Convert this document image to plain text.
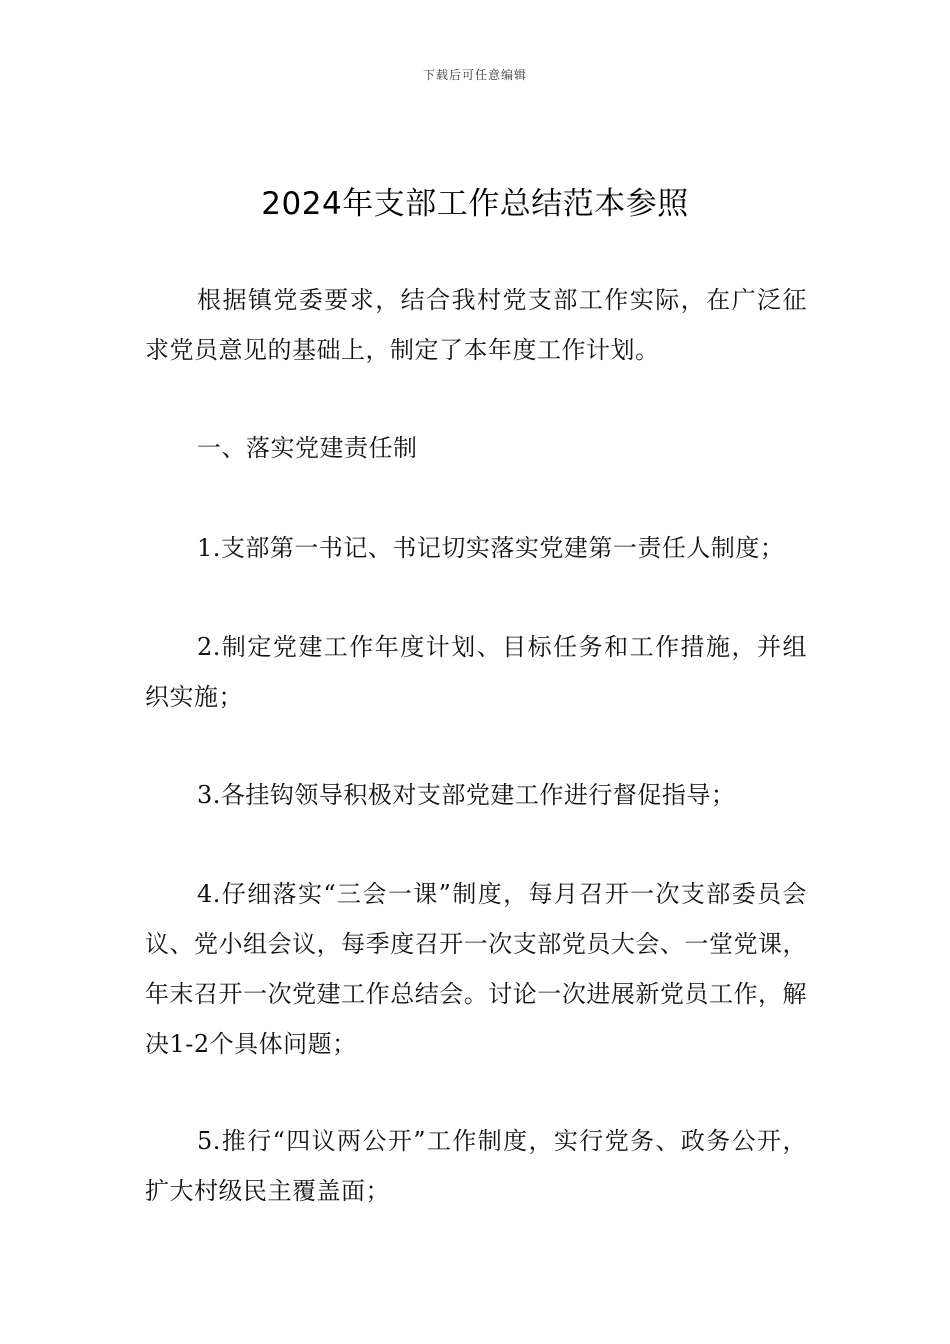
下载后可任意编辑
2024年支部工作总结范本参照

根据镇党委要求，结合我村党支部工作实际，在广泛征求党员意见的基础上，制定了本年度工作计划。

一、落实党建责任制

1.支部第一书记、书记切实落实党建第一责任人制度；

2.制定党建工作年度计划、目标任务和工作措施，并组织实施；

3.各挂钩领导积极对支部党建工作进行督促指导；

4.仔细落实“三会一课”制度，每月召开一次支部委员会议、党小组会议，每季度召开一次支部党员大会、一堂党课，年末召开一次党建工作总结会。讨论一次进展新党员工作，解决1-2个具体问题；

5.推行“四议两公开”工作制度，实行党务、政务公开，扩大村级民主覆盖面；
